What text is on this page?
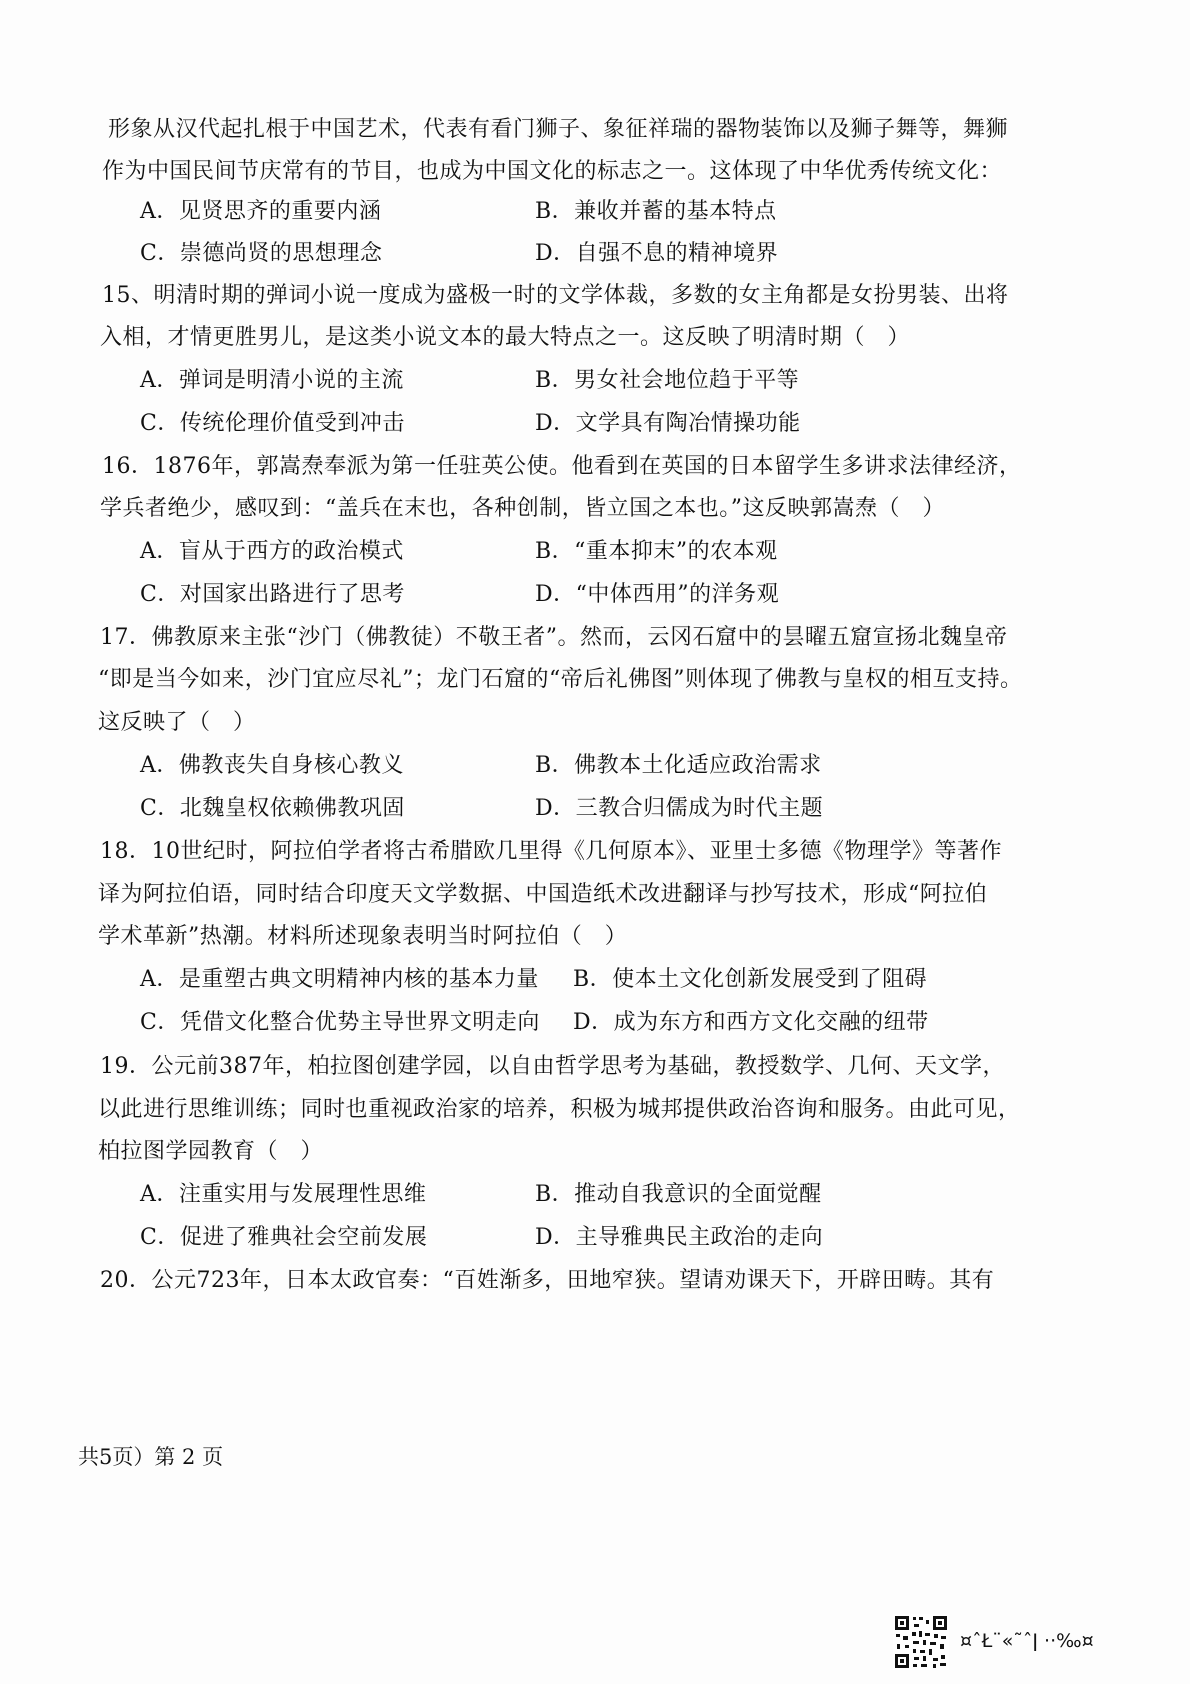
形象从汉代起扎根于中国艺术，代表有看门狮子、象征祥瑞的器物装饰以及狮子舞等，舞狮
作为中国民间节庆常有的节目，也成为中国文化的标志之一。这体现了中华优秀传统文化：
A．见贤思齐的重要内涵	B．兼收并蓄的基本特点
C．崇德尚贤的思想理念	D．自强不息的精神境界
15、明清时期的弹词小说一度成为盛极一时的文学体裁，多数的女主角都是女扮男装、出将
入相，才情更胜男儿，是这类小说文本的最大特点之一。这反映了明清时期（　）
A．弹词是明清小说的主流	B．男女社会地位趋于平等
C．传统伦理价值受到冲击	D．文学具有陶冶情操功能
16．1876年，郭嵩焘奉派为第一任驻英公使。他看到在英国的日本留学生多讲求法律经济，
学兵者绝少，感叹到：“盖兵在末也，各种创制，皆立国之本也。”这反映郭嵩焘（　）
A．盲从于西方的政治模式	B．“重本抑末”的农本观
C．对国家出路进行了思考	D．“中体西用”的洋务观
17．佛教原来主张“沙门（佛教徒）不敬王者”。然而，云冈石窟中的昙曜五窟宣扬北魏皇帝
“即是当今如来，沙门宜应尽礼”；龙门石窟的“帝后礼佛图”则体现了佛教与皇权的相互支持。
这反映了（　）
A．佛教丧失自身核心教义	B．佛教本土化适应政治需求
C．北魏皇权依赖佛教巩固	D．三教合归儒成为时代主题
18．10世纪时，阿拉伯学者将古希腊欧几里得《几何原本》、亚里士多德《物理学》等著作
译为阿拉伯语，同时结合印度天文学数据、中国造纸术改进翻译与抄写技术，形成“阿拉伯
学术革新”热潮。材料所述现象表明当时阿拉伯（　）
A．是重塑古典文明精神内核的基本力量 B．使本土文化创新发展受到了阻碍
C．凭借文化整合优势主导世界文明走向 D．成为东方和西方文化交融的纽带
19．公元前387年，柏拉图创建学园，以自由哲学思考为基础，教授数学、几何、天文学，
以此进行思维训练；同时也重视政治家的培养，积极为城邦提供政治咨询和服务。由此可见，
柏拉图学园教育（　）
A．注重实用与发展理性思维	B．推动自我意识的全面觉醒
C．促进了雅典社会空前发展	D．主导雅典民主政治的走向
20．公元723年，日本太政官奏：“百姓渐多，田地窄狭。望请劝课天下，开辟田畴。其有
共5页）第 2 页
¤ˆŁ¨«˜ˆǀ ··‰¤
